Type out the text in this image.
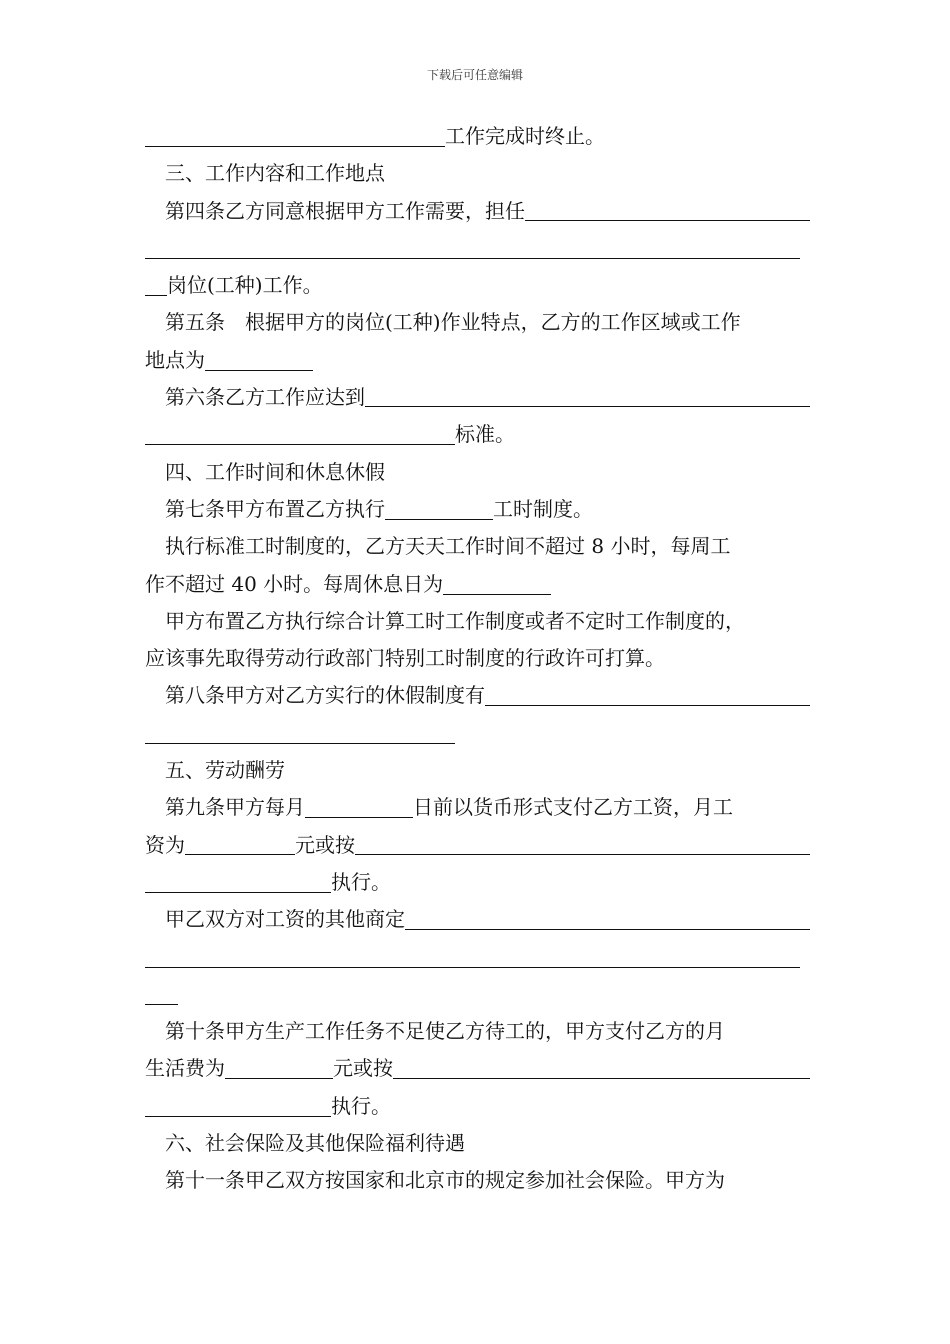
下载后可任意编辑
工作完成时终止。
三、工作内容和工作地点
第四条乙方同意根据甲方工作需要，担任
岗位(工种)工作。
第五条　根据甲方的岗位(工种)作业特点，乙方的工作区域或工作
地点为
第六条乙方工作应达到
标准。
四、工作时间和休息休假
第七条甲方布置乙方执行	工时制度。
执行标准工时制度的，乙方天天工作时间不超过 8 小时，每周工
作不超过 40 小时。每周休息日为
甲方布置乙方执行综合计算工时工作制度或者不定时工作制度的，
应该事先取得劳动行政部门特别工时制度的行政许可打算。
第八条甲方对乙方实行的休假制度有
五、劳动酬劳
第九条甲方每月	日前以货币形式支付乙方工资，月工
资为	元或按
执行。
甲乙双方对工资的其他商定
第十条甲方生产工作任务不足使乙方待工的，甲方支付乙方的月
生活费为	元或按
执行。
六、社会保险及其他保险福利待遇
第十一条甲乙双方按国家和北京市的规定参加社会保险。甲方为
